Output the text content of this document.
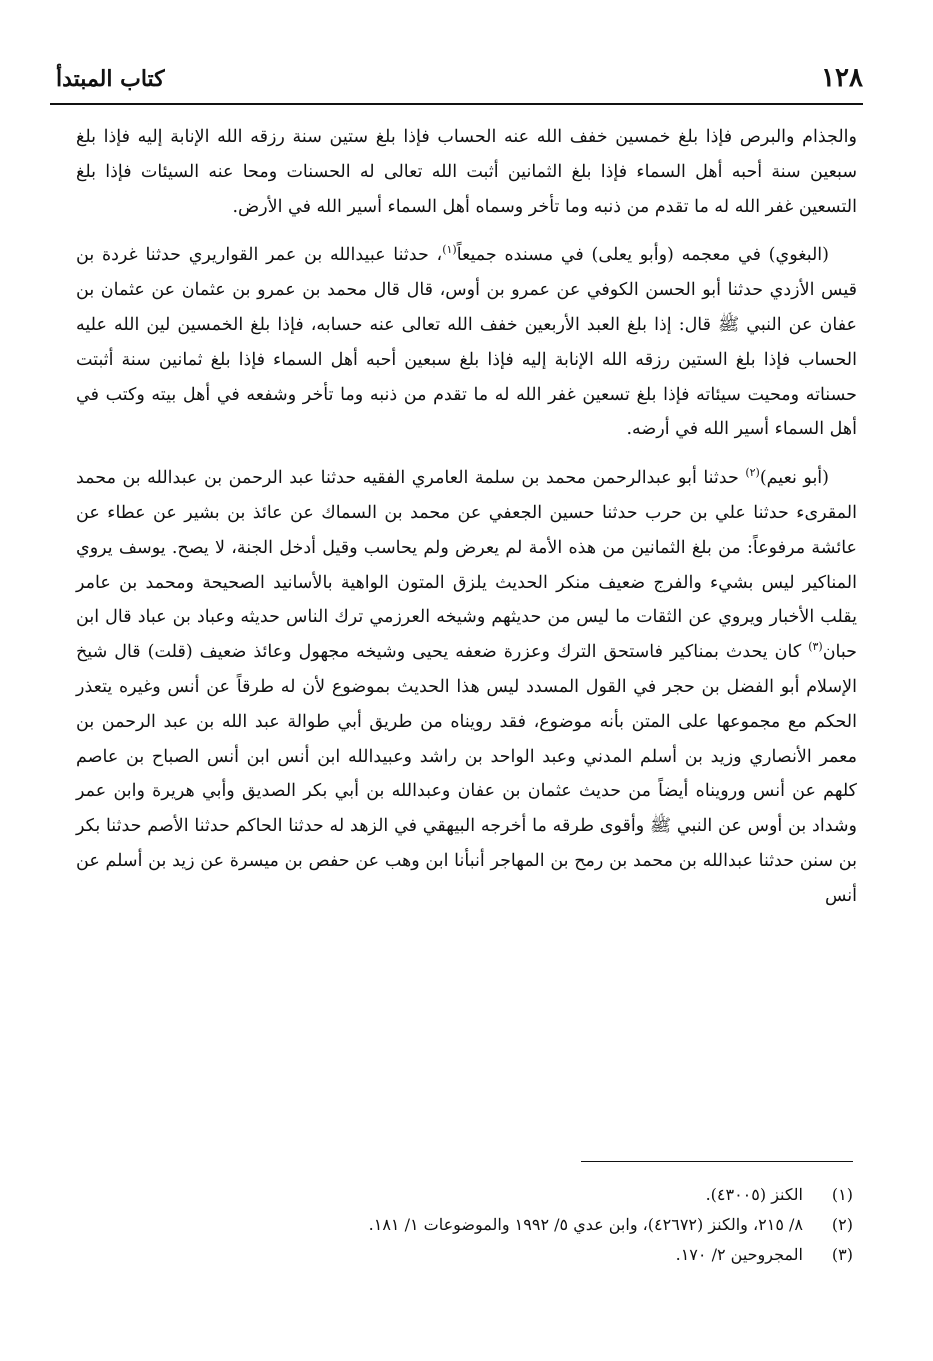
١٢٨
كتاب المبتدأ

والجذام والبرص فإذا بلغ خمسين خفف الله عنه الحساب فإذا بلغ ستين سنة رزقه الله الإنابة إليه فإذا بلغ سبعين سنة أحبه أهل السماء فإذا بلغ الثمانين أثبت الله تعالى له الحسنات ومحا عنه السيئات فإذا بلغ التسعين غفر الله له ما تقدم من ذنبه وما تأخر وسماه أهل السماء أسير الله في الأرض.

(البغوي) في معجمه (وأبو يعلى) في مسنده جميعاً$^{(١)}$، حدثنا عبيدالله بن عمر القواريري حدثنا غردة بن قيس الأزدي حدثنا أبو الحسن الكوفي عن عمرو بن أوس، قال قال محمد بن عمرو بن عثمان عن عثمان بن عفان عن النبي ﷺ قال: إذا بلغ العبد الأربعين خفف الله تعالى عنه حسابه، فإذا بلغ الخمسين لين الله عليه الحساب فإذا بلغ الستين رزقه الله الإنابة إليه فإذا بلغ سبعين أحبه أهل السماء فإذا بلغ ثمانين سنة أثبتت حسناته ومحيت سيئاته فإذا بلغ تسعين غفر الله له ما تقدم من ذنبه وما تأخر وشفعه في أهل بيته وكتب في أهل السماء أسير الله في أرضه.

(أبو نعيم)$^{(٢)}$ حدثنا أبو عبدالرحمن محمد بن سلمة العامري الفقيه حدثنا عبد الرحمن بن عبدالله بن محمد المقرىء حدثنا علي بن حرب حدثنا حسين الجعفي عن محمد بن السماك عن عائذ بن بشير عن عطاء عن عائشة مرفوعاً: من بلغ الثمانين من هذه الأمة لم يعرض ولم يحاسب وقيل أدخل الجنة، لا يصح. يوسف يروي المناكير ليس بشيء والفرج ضعيف منكر الحديث يلزق المتون الواهية بالأسانيد الصحيحة ومحمد بن عامر يقلب الأخبار ويروي عن الثقات ما ليس من حديثهم وشيخه العرزمي ترك الناس حديثه وعباد بن عباد قال ابن حبان$^{(٣)}$ كان يحدث بمناكير فاستحق الترك وعزرة ضعفه يحيى وشيخه مجهول وعائذ ضعيف (قلت) قال شيخ الإسلام أبو الفضل بن حجر في القول المسدد ليس هذا الحديث بموضوع لأن له طرقاً عن أنس وغيره يتعذر الحكم مع مجموعها على المتن بأنه موضوع، فقد رويناه من طريق أبي طوالة عبد الله بن عبد الرحمن بن معمر الأنصاري وزيد بن أسلم المدني وعبد الواحد بن راشد وعبيدالله ابن أنس ابن أنس الصباح بن عاصم كلهم عن أنس ورويناه أيضاً من حديث عثمان بن عفان وعبدالله بن أبي بكر الصديق وأبي هريرة وابن عمر وشداد بن أوس عن النبي ﷺ وأقوى طرقه ما أخرجه البيهقي في الزهد له حدثنا الحاكم حدثنا الأصم حدثنا بكر بن سنن حدثنا عبدالله بن محمد بن رمح بن المهاجر أنبأنا ابن وهب عن حفص بن ميسرة عن زيد بن أسلم عن أنس

(١)
الكنز (٤٣٠٠٥).
(٢)
٨/ ٢١٥، والكنز (٤٢٦٧٢)، وابن عدي ٥/ ١٩٩٢ والموضوعات ١/ ١٨١.
(٣)
المجروحين ٢/ ١٧٠.
